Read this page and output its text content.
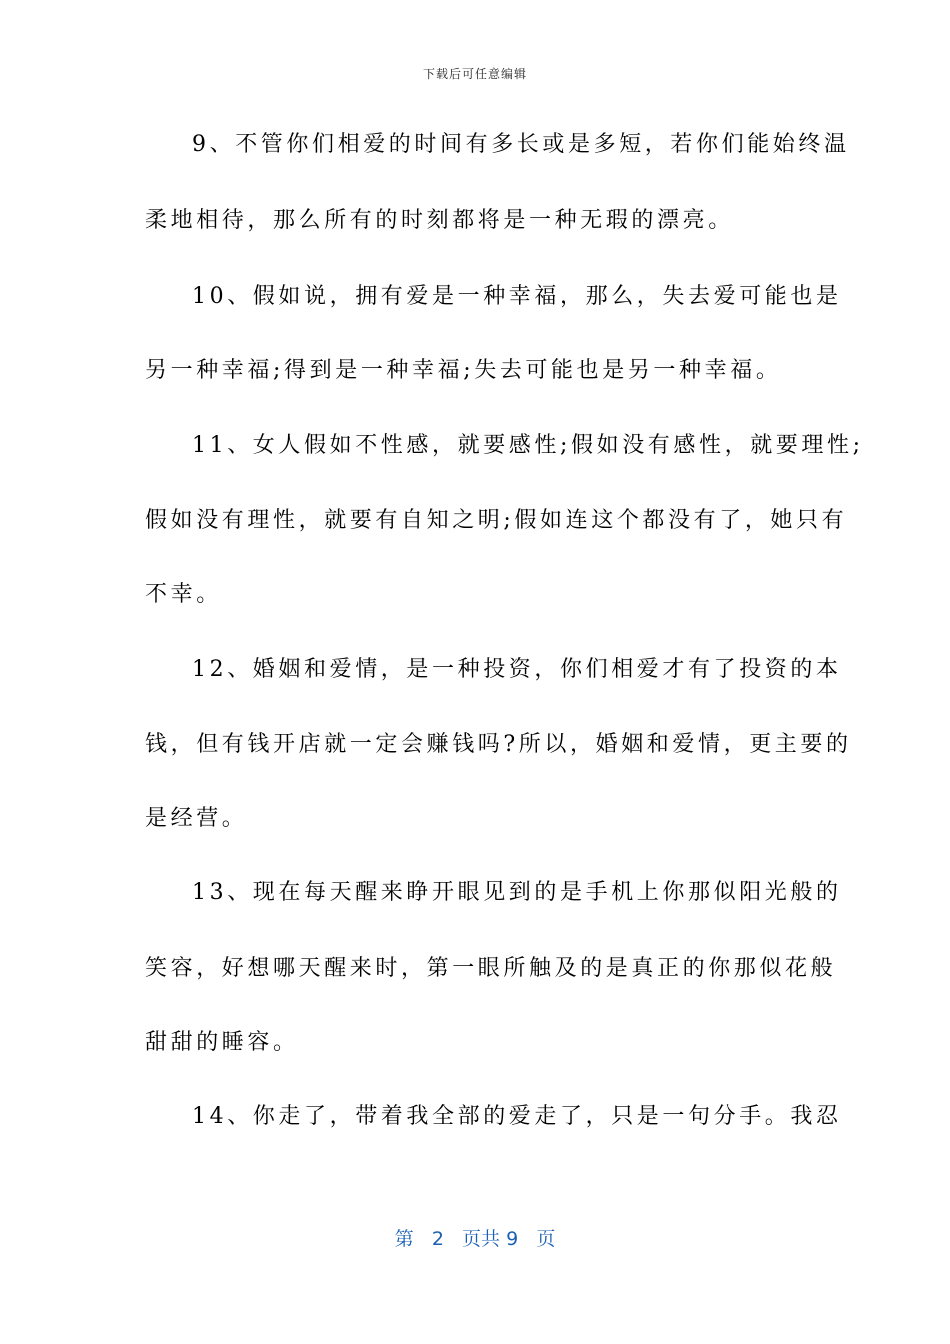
下载后可任意编辑
9、不管你们相爱的时间有多长或是多短，若你们能始终温
柔地相待，那么所有的时刻都将是一种无瑕的漂亮。
10、假如说，拥有爱是一种幸福，那么，失去爱可能也是
另一种幸福;得到是一种幸福;失去可能也是另一种幸福。
11、女人假如不性感，就要感性;假如没有感性，就要理性;
假如没有理性，就要有自知之明;假如连这个都没有了，她只有
不幸。
12、婚姻和爱情，是一种投资，你们相爱才有了投资的本
钱，但有钱开店就一定会赚钱吗?所以，婚姻和爱情，更主要的
是经营。
13、现在每天醒来睁开眼见到的是手机上你那似阳光般的
笑容，好想哪天醒来时，第一眼所触及的是真正的你那似花般
甜甜的睡容。
14、你走了，带着我全部的爱走了，只是一句分手。我忍
第 2 页共 9 页
